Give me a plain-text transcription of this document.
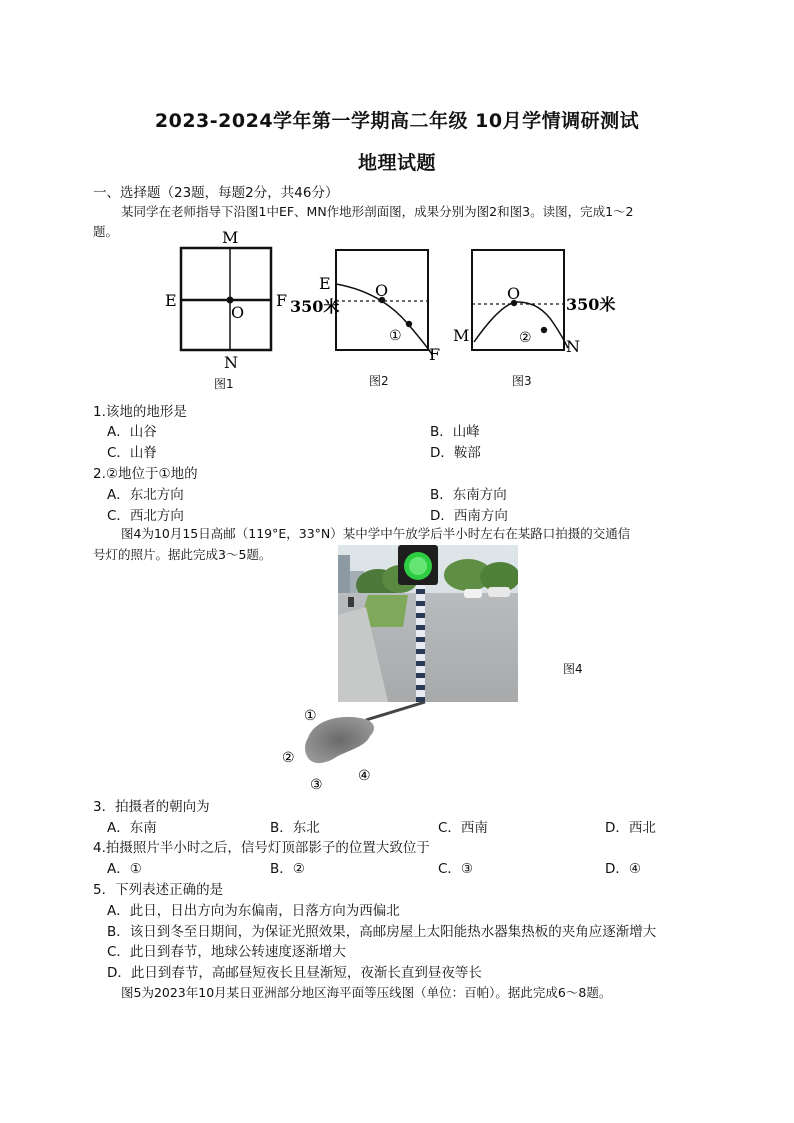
2023-2024学年第一学期高二年级 10月学情调研测试
地理试题
一、选择题（23题，每题2分，共46分）
某同学在老师指导下沿图1中EF、MN作地形剖面图，成果分别为图2和图3。读图，完成1～2
题。	M
N
E	F
O
图1
E
350米
O
①
F
图2
M
O
②
350米
N
图3
1.该地的地形是
A．山谷	B．山峰
C．山脊	D．鞍部
2.②地位于①地的
A．东北方向	B．东南方向
C．西北方向	D．西南方向
图4为10月15日高邮（119°E，33°N）某中学中午放学后半小时左右在某路口拍摄的交通信
号灯的照片。据此完成3～5题。
图4
①
②
③
④
3．拍摄者的朝向为
A．东南	B．东北	C．西南	D．西北
4.拍摄照片半小时之后，信号灯顶部影子的位置大致位于
A．①	B．②	C．③	D．④
5．下列表述正确的是
A．此日，日出方向为东偏南，日落方向为西偏北
B．该日到冬至日期间，为保证光照效果，高邮房屋上太阳能热水器集热板的夹角应逐渐增大
C．此日到春节，地球公转速度逐渐增大
D．此日到春节，高邮昼短夜长且昼渐短，夜渐长直到昼夜等长
图5为2023年10月某日亚洲部分地区海平面等压线图（单位：百帕）。据此完成6～8题。
